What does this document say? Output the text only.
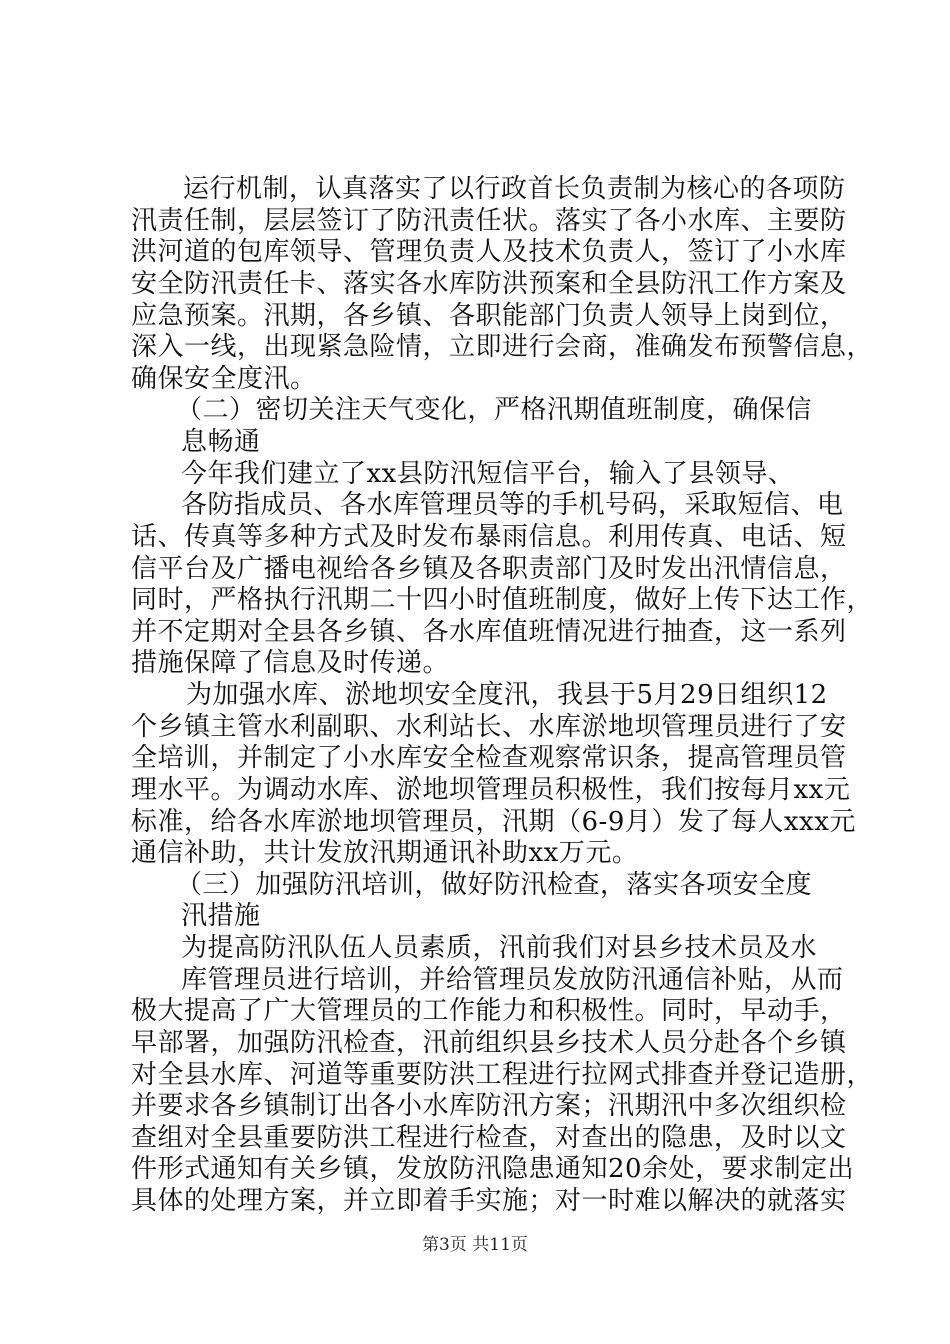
运行机制，认真落实了以行政首长负责制为核心的各项防
汛责任制，层层签订了防汛责任状。落实了各小水库、主要防
洪河道的包库领导、管理负责人及技术负责人，签订了小水库
安全防汛责任卡、落实各水库防洪预案和全县防汛工作方案及
应急预案。汛期，各乡镇、各职能部门负责人领导上岗到位，
深入一线，出现紧急险情，立即进行会商，准确发布预警信息，
确保安全度汛。
（二）密切关注天气变化，严格汛期值班制度，确保信
息畅通
今年我们建立了xx县防汛短信平台，输入了县领导、
各防指成员、各水库管理员等的手机号码，采取短信、电
话、传真等多种方式及时发布暴雨信息。利用传真、电话、短
信平台及广播电视给各乡镇及各职责部门及时发出汛情信息，
同时，严格执行汛期二十四小时值班制度，做好上传下达工作，
并不定期对全县各乡镇、各水库值班情况进行抽查，这一系列
措施保障了信息及时传递。
为加强水库、淤地坝安全度汛，我县于5月29日组织12
个乡镇主管水利副职、水利站长、水库淤地坝管理员进行了安
全培训，并制定了小水库安全检查观察常识条，提高管理员管
理水平。为调动水库、淤地坝管理员积极性，我们按每月xx元
标准，给各水库淤地坝管理员，汛期（6-9月）发了每人xxx元
通信补助，共计发放汛期通讯补助xx万元。
（三）加强防汛培训，做好防汛检查，落实各项安全度
汛措施
为提高防汛队伍人员素质，汛前我们对县乡技术员及水
库管理员进行培训，并给管理员发放防汛通信补贴，从而
极大提高了广大管理员的工作能力和积极性。同时，早动手，
早部署，加强防汛检查，汛前组织县乡技术人员分赴各个乡镇
对全县水库、河道等重要防洪工程进行拉网式排查并登记造册，
并要求各乡镇制订出各小水库防汛方案；汛期汛中多次组织检
查组对全县重要防洪工程进行检查，对查出的隐患，及时以文
件形式通知有关乡镇，发放防汛隐患通知20余处，要求制定出
具体的处理方案，并立即着手实施；对一时难以解决的就落实
第3页 共11页
